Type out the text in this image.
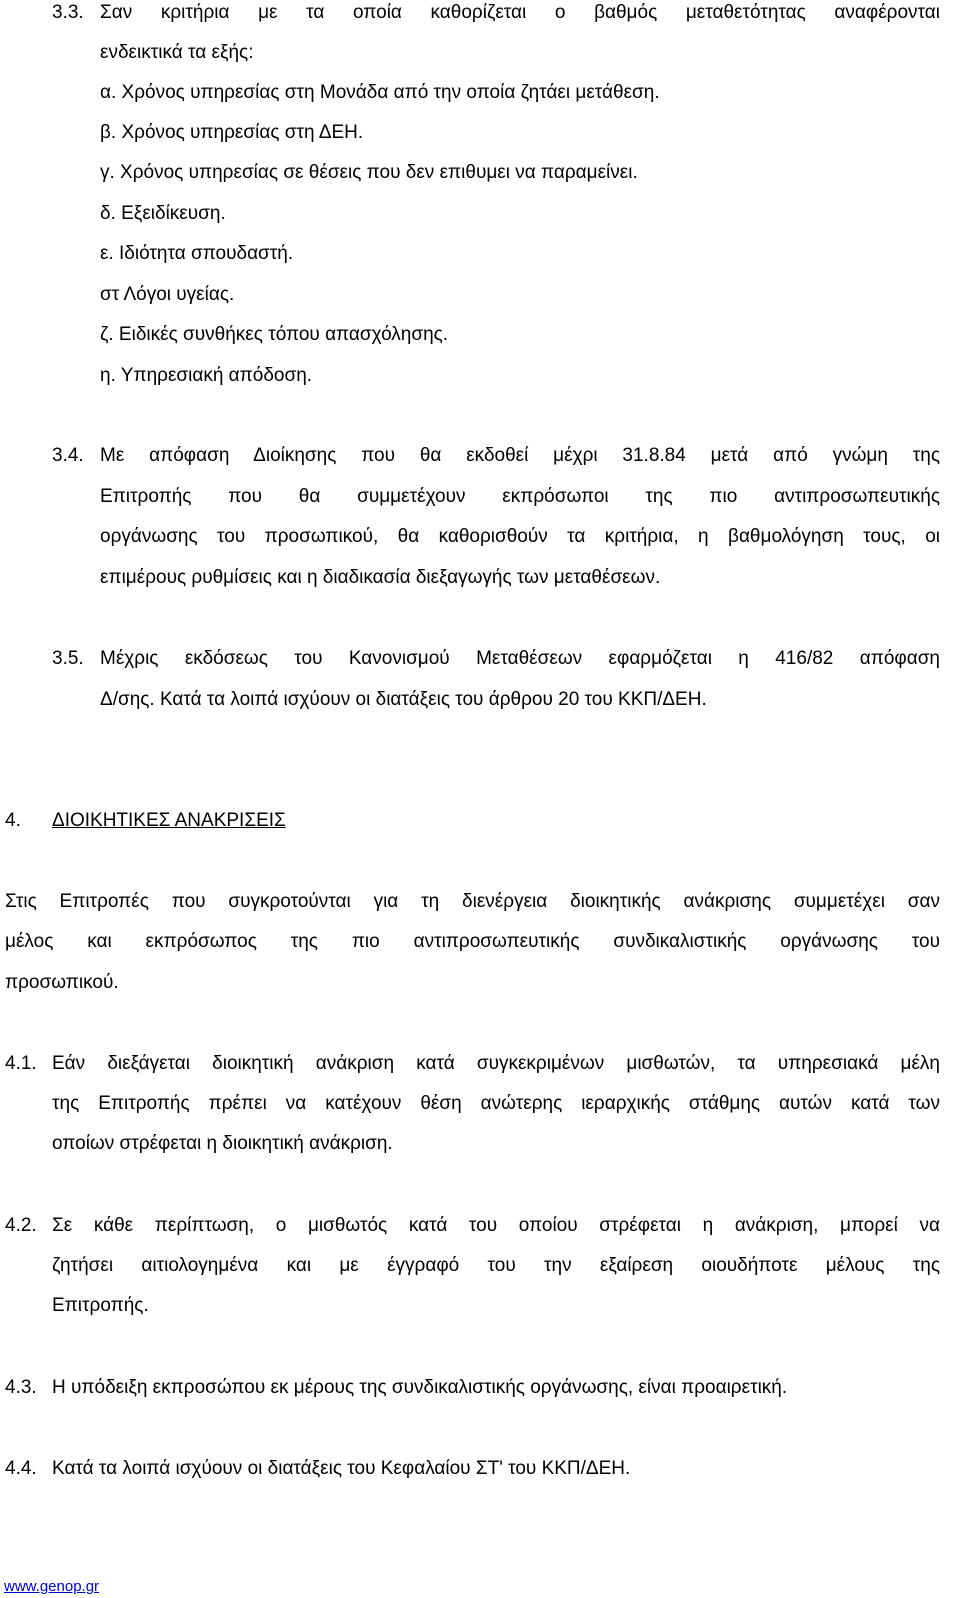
3.3. Σαν κριτήρια με τα οποία καθορίζεται ο βαθμός μεταθετότητας αναφέρονται
ενδεικτικά τα εξής:
α. Χρόνος υπηρεσίας στη Μονάδα από την οποία ζητάει μετάθεση.
β. Χρόνος υπηρεσίας στη ΔΕΗ.
γ. Χρόνος υπηρεσίας σε θέσεις που δεν επιθυμει να παραμείνει.
δ. Εξειδίκευση.
ε. Ιδιότητα σπουδαστή.
στ Λόγοι υγείας.
ζ. Ειδικές συνθήκες τόπου απασχόλησης.
η. Υπηρεσιακή απόδοση.
3.4. Με απόφαση Διοίκησης που θα εκδοθεί μέχρι 31.8.84 μετά από γνώμη της
Επιτροπής που θα συμμετέχουν εκπρόσωποι της πιο αντιπροσωπευτικής
οργάνωσης του προσωπικού, θα καθορισθούν τα κριτήρια, η βαθμολόγηση τους, οι
επιμέρους ρυθμίσεις και η διαδικασία διεξαγωγής των μεταθέσεων.
3.5. Μέχρις εκδόσεως του Κανονισμού Μεταθέσεων εφαρμόζεται η 416/82 απόφαση
Δ/σης. Κατά τα λοιπά ισχύουν οι διατάξεις του άρθρου 20 του ΚΚΠ/ΔΕΗ.
4. ΔΙΟΙΚΗΤΙΚΕΣ ΑΝΑΚΡΙΣΕΙΣ
Στις Επιτροπές που συγκροτούνται για τη διενέργεια διοικητικής ανάκρισης συμμετέχει σαν
μέλος και εκπρόσωπος της πιο αντιπροσωπευτικής συνδικαλιστικής οργάνωσης του
προσωπικού.
4.1. Εάν διεξάγεται διοικητική ανάκριση κατά συγκεκριμένων μισθωτών, τα υπηρεσιακά μέλη
της Επιτροπής πρέπει να κατέχουν θέση ανώτερης ιεραρχικής στάθμης αυτών κατά των
οποίων στρέφεται η διοικητική ανάκριση.
4.2. Σε κάθε περίπτωση, ο μισθωτός κατά του οποίου στρέφεται η ανάκριση, μπορεί να
ζητήσει αιτιολογημένα και με έγγραφό του την εξαίρεση οιουδήποτε μέλους της
Επιτροπής.
4.3. Η υπόδειξη εκπροσώπου εκ μέρους της συνδικαλιστικής οργάνωσης, είναι προαιρετική.
4.4. Κατά τα λοιπά ισχύουν οι διατάξεις του Κεφαλαίου ΣΤ' του ΚΚΠ/ΔΕΗ.
www.genop.gr
